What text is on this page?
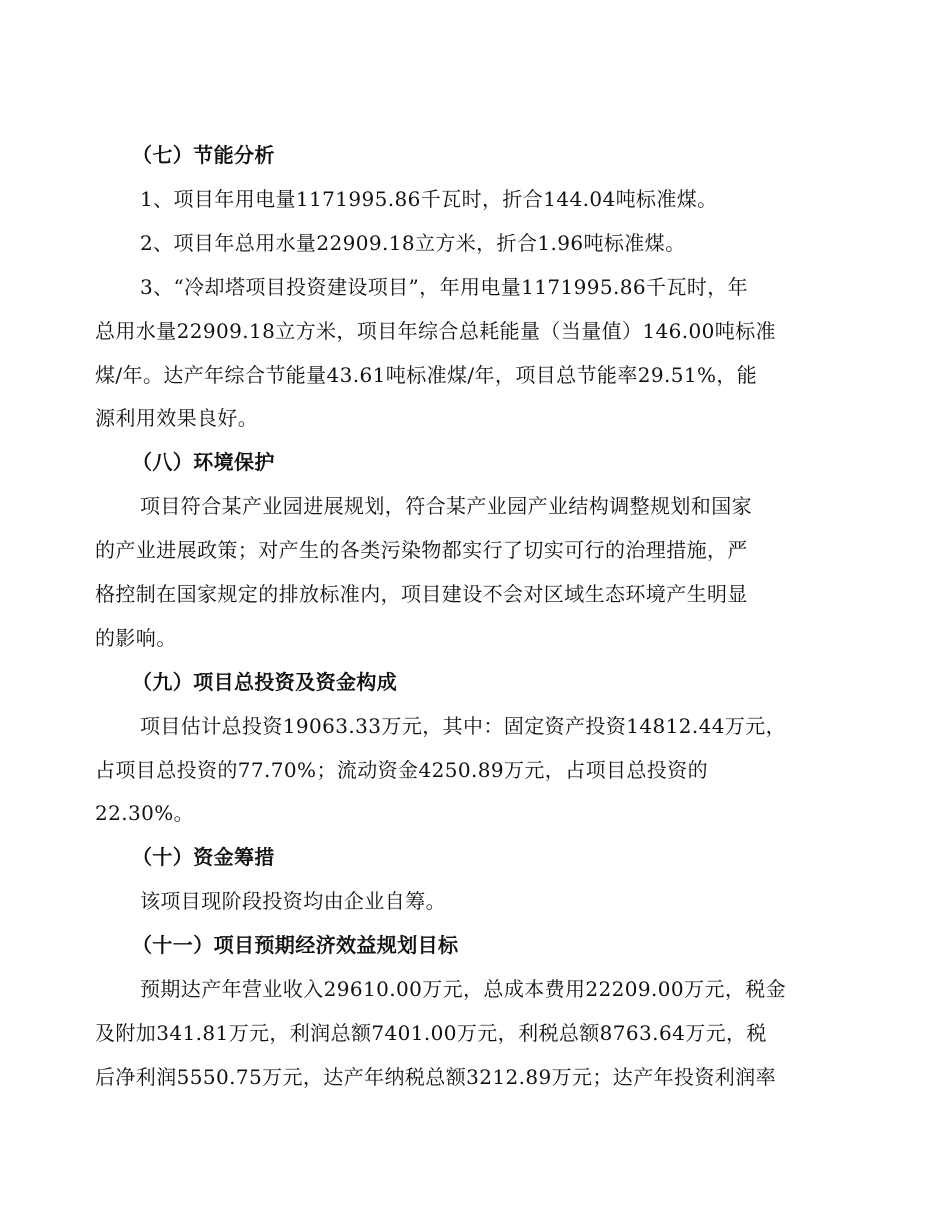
（七）节能分析
1、项目年用电量1171995.86千瓦时，折合144.04吨标准煤。
2、项目年总用水量22909.18立方米，折合1.96吨标准煤。
3、“冷却塔项目投资建设项目”，年用电量1171995.86千瓦时，年
总用水量22909.18立方米，项目年综合总耗能量（当量值）146.00吨标准
煤/年。达产年综合节能量43.61吨标准煤/年，项目总节能率29.51%，能
源利用效果良好。
（八）环境保护
项目符合某产业园进展规划，符合某产业园产业结构调整规划和国家
的产业进展政策；对产生的各类污染物都实行了切实可行的治理措施，严
格控制在国家规定的排放标准内，项目建设不会对区域生态环境产生明显
的影响。
（九）项目总投资及资金构成
项目估计总投资19063.33万元，其中：固定资产投资14812.44万元，
占项目总投资的77.70%；流动资金4250.89万元，占项目总投资的
22.30%。
（十）资金筹措
该项目现阶段投资均由企业自筹。
（十一）项目预期经济效益规划目标
预期达产年营业收入29610.00万元，总成本费用22209.00万元，税金
及附加341.81万元，利润总额7401.00万元，利税总额8763.64万元，税
后净利润5550.75万元，达产年纳税总额3212.89万元；达产年投资利润率
